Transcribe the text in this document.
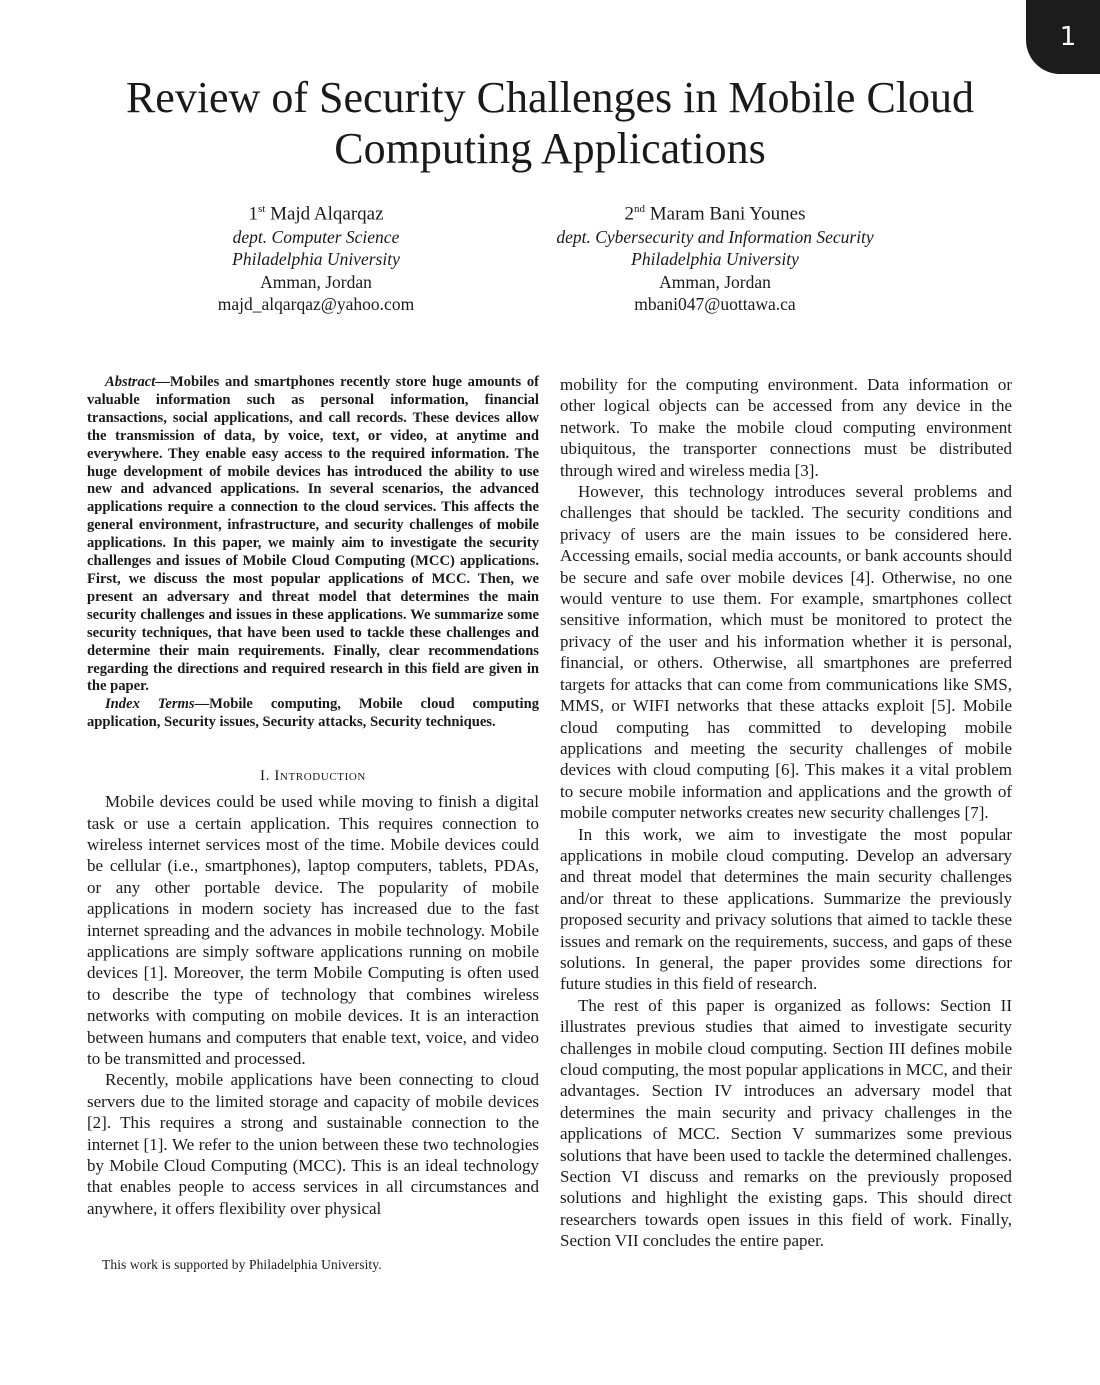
1
Review of Security Challenges in Mobile Cloud
Computing Applications
1st Majd Alqarqaz
dept. Computer Science
Philadelphia University
Amman, Jordan
majd_alqarqaz@yahoo.com
2nd Maram Bani Younes
dept. Cybersecurity and Information Security
Philadelphia University
Amman, Jordan
mbani047@uottawa.ca

Abstract—Mobiles and smartphones recently store huge amounts of valuable information such as personal information, financial transactions, social applications, and call records. These devices allow the transmission of data, by voice, text, or video, at anytime and everywhere. They enable easy access to the required information. The huge development of mobile devices has introduced the ability to use new and advanced applications. In several scenarios, the advanced applications require a connection to the cloud services. This affects the general environment, infrastructure, and security challenges of mobile applications. In this paper, we mainly aim to investigate the security challenges and issues of Mobile Cloud Computing (MCC) applications. First, we discuss the most popular applications of MCC. Then, we present an adversary and threat model that determines the main security challenges and issues in these applications. We summarize some security techniques, that have been used to tackle these challenges and determine their main requirements. Finally, clear recommendations regarding the directions and required research in this field are given in the paper.

Index Terms—Mobile computing, Mobile cloud computing application, Security issues, Security attacks, Security techniques.

I. Introduction

Mobile devices could be used while moving to finish a digital task or use a certain application. This requires connection to wireless internet services most of the time. Mobile devices could be cellular (i.e., smartphones), laptop computers, tablets, PDAs, or any other portable device. The popularity of mobile applications in modern society has increased due to the fast internet spreading and the advances in mobile technology. Mobile applications are simply software applications running on mobile devices [1]. Moreover, the term Mobile Computing is often used to describe the type of technology that combines wireless networks with computing on mobile devices. It is an interaction between humans and computers that enable text, voice, and video to be transmitted and processed.

Recently, mobile applications have been connecting to cloud servers due to the limited storage and capacity of mobile devices [2]. This requires a strong and sustainable connection to the internet [1]. We refer to the union between these two technologies by Mobile Cloud Computing (MCC). This is an ideal technology that enables people to access services in all circumstances and anywhere, it offers flexibility over physical

mobility for the computing environment. Data information or other logical objects can be accessed from any device in the network. To make the mobile cloud computing environment ubiquitous, the transporter connections must be distributed through wired and wireless media [3].

However, this technology introduces several problems and challenges that should be tackled. The security conditions and privacy of users are the main issues to be considered here. Accessing emails, social media accounts, or bank accounts should be secure and safe over mobile devices [4]. Otherwise, no one would venture to use them. For example, smartphones collect sensitive information, which must be monitored to protect the privacy of the user and his information whether it is personal, financial, or others. Otherwise, all smartphones are preferred targets for attacks that can come from communications like SMS, MMS, or WIFI networks that these attacks exploit [5]. Mobile cloud computing has committed to developing mobile applications and meeting the security challenges of mobile devices with cloud computing [6]. This makes it a vital problem to secure mobile information and applications and the growth of mobile computer networks creates new security challenges [7].

In this work, we aim to investigate the most popular applications in mobile cloud computing. Develop an adversary and threat model that determines the main security challenges and/or threat to these applications. Summarize the previously proposed security and privacy solutions that aimed to tackle these issues and remark on the requirements, success, and gaps of these solutions. In general, the paper provides some directions for future studies in this field of research.

The rest of this paper is organized as follows: Section II illustrates previous studies that aimed to investigate security challenges in mobile cloud computing. Section III defines mobile cloud computing, the most popular applications in MCC, and their advantages. Section IV introduces an adversary model that determines the main security and privacy challenges in the applications of MCC. Section V summarizes some previous solutions that have been used to tackle the determined challenges. Section VI discuss and remarks on the previously proposed solutions and highlight the existing gaps. This should direct researchers towards open issues in this field of work. Finally, Section VII concludes the entire paper.

This work is supported by Philadelphia University.
